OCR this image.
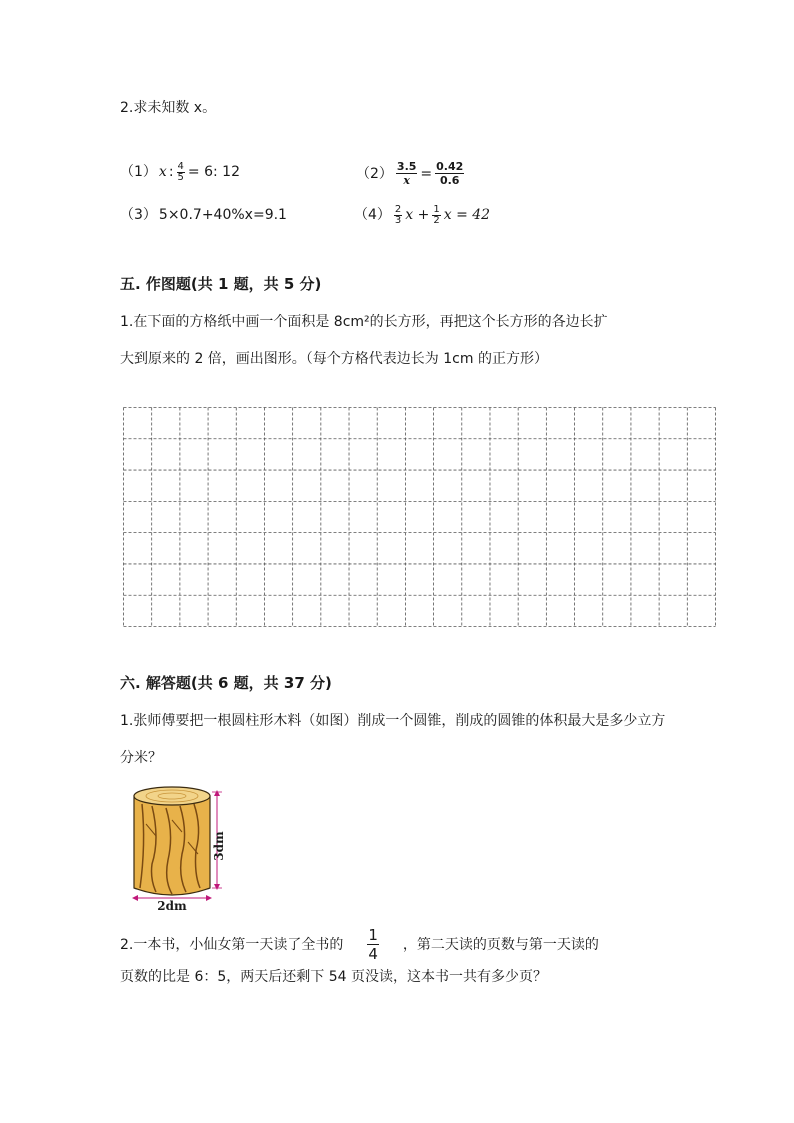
2.求未知数 x。
（1） x : $\frac{4}{5} = 6$: 12	$(2) \frac{3.5}{x} = \frac{0.42}{0.6}$
（3） 5×0.7+40%x=9.1	$(4) \frac{2}{3}$ $x + \frac{1}{2}$ x = 42
五. 作图题(共 1 题，共 5 分)
1.在下面的方格纸中画一个面积是 8cm²的长方形，再把这个长方形的各边长扩
大到原来的 2 倍，画出图形。（每个方格代表边长为 1cm 的正方形）
六. 解答题(共 6 题，共 37 分)
1.张师傅要把一根圆柱形木料（如图）削成一个圆锥，削成的圆锥的体积最大是多少立方
分米？
3dm
2dm
2.一本书，小仙女第一天读了全书的 $\frac{1}{4}$ ，第二天读的页数与第一天读的
页数的比是 6：5，两天后还剩下 54 页没读，这本书一共有多少页？
